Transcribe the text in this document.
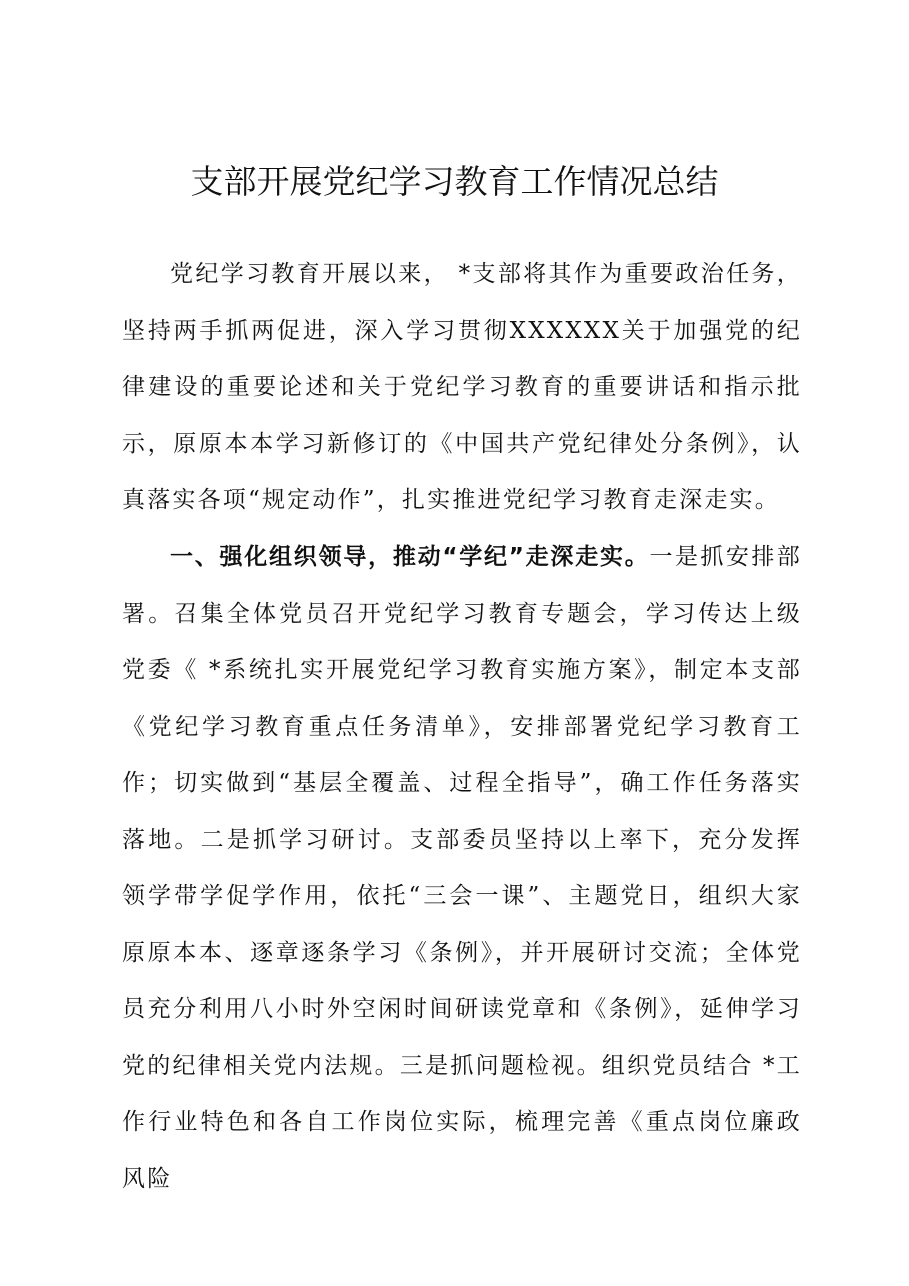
支部开展党纪学习教育工作情况总结
党纪学习教育开展以来， *支部将其作为重要政治任务，坚持两手抓两促进，深入学习贯彻XXXXXX关于加强党的纪律建设的重要论述和关于党纪学习教育的重要讲话和指示批示，原原本本学习新修订的《中国共产党纪律处分条例》，认真落实各项“规定动作”，扎实推进党纪学习教育走深走实。
一、强化组织领导，推动“学纪”走深走实。一是抓安排部署。召集全体党员召开党纪学习教育专题会，学习传达上级党委《 *系统扎实开展党纪学习教育实施方案》，制定本支部《党纪学习教育重点任务清单》，安排部署党纪学习教育工作；切实做到“基层全覆盖、过程全指导”，确工作任务落实落地。二是抓学习研讨。支部委员坚持以上率下，充分发挥领学带学促学作用，依托“三会一课”、主题党日，组织大家原原本本、逐章逐条学习《条例》，并开展研讨交流；全体党员充分利用八小时外空闲时间研读党章和《条例》，延伸学习党的纪律相关党内法规。三是抓问题检视。组织党员结合 *工作行业特色和各自工作岗位实际，梳理完善《重点岗位廉政风险
